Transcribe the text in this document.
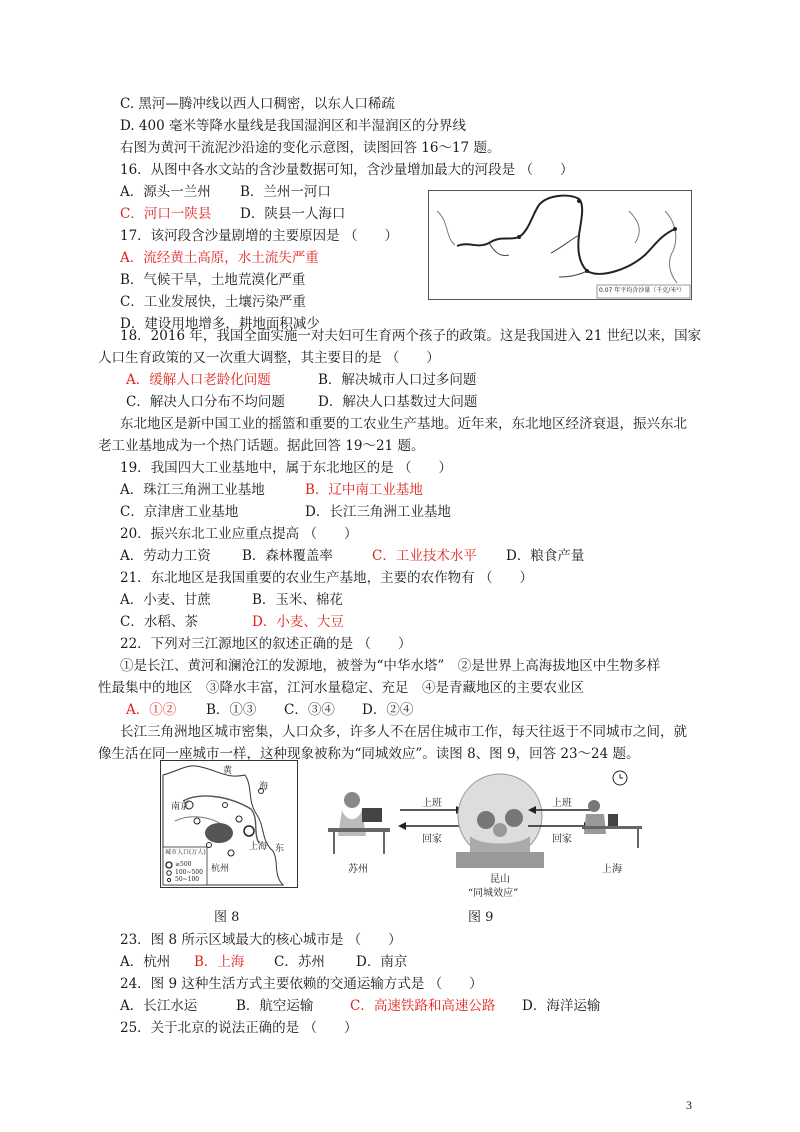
C. 黑河—腾冲线以西人口稠密，以东人口稀疏
D. 400 毫米等降水量线是我国湿润区和半湿润区的分界线
右图为黄河干流泥沙沿途的变化示意图，读图回答 16～17 题。
16．从图中各水文站的含沙量数据可知，含沙量增加最大的河段是 （　　）
A．源头一兰州 B．兰州一河口
C．河口一陕县 D．陕县一人海口
17．该河段含沙量剧增的主要原因是 （　　）
A．流经黄土高原，水土流失严重
B．气候干旱，土地荒漠化严重
C．工业发展快，土壤污染严重
D．建设用地增多，耕地面积减少
0.07 年平均含沙量（千克/米³）
18．2016 年，我国全面实施一对夫妇可生育两个孩子的政策。这是我国进入 21 世纪以来，国家
人口生育政策的又一次重大调整，其主要目的是 （　　）
A．缓解人口老龄化问题	B．解决城市人口过多问题
C．解决人口分布不均问题 D．解决人口基数过大问题
东北地区是新中国工业的摇篮和重要的工农业生产基地。近年来，东北地区经济衰退，振兴东北
老工业基地成为一个热门话题。据此回答 19～21 题。
19．我国四大工业基地中，属于东北地区的是 （　　）
A．珠江三角洲工业基地	B．辽中南工业基地
C．京津唐工业基地	D．长江三角洲工业基地
20．振兴东北工业应重点提高 （　　）
A．劳动力工资 B．森林覆盖率	C．工业技术水平 D．粮食产量
21．东北地区是我国重要的农业生产基地，主要的农作物有 （　　）
A．小麦、甘蔗	B．玉米、棉花
C．水稻、茶	D．小麦、大豆
22．下列对三江源地区的叙述正确的是 （　　）
①是长江、黄河和澜沧江的发源地，被誉为“中华水塔”　②是世界上高海拔地区中生物多样
性最集中的地区　③降水丰富，江河水量稳定、充足　④是青藏地区的主要农业区
A．①② B．①③ C．③④ D．②④
长江三角洲地区城市密集，人口众多，许多人不在居住城市工作，每天往返于不同城市之间，就
像生活在同一座城市一样，这种现象被称为“同城效应”。读图 8、图 9，回答 23～24 题。
黄
南京
海
上海
杭州
东
城市人口(万人)
≥500
100~500
50~100
图 8
苏州
上班
回家
上班
回家
昆山
“同城效应”
上海
图 9
23．图 8 所示区域最大的核心城市是 （　　）
A．杭州 B．上海 C．苏州 D．南京
24．图 9 这种生活方式主要依赖的交通运输方式是 （　　）
A．长江水运	B．航空运输	C．高速铁路和高速公路 D．海洋运输
25．关于北京的说法正确的是 （　　）
3
